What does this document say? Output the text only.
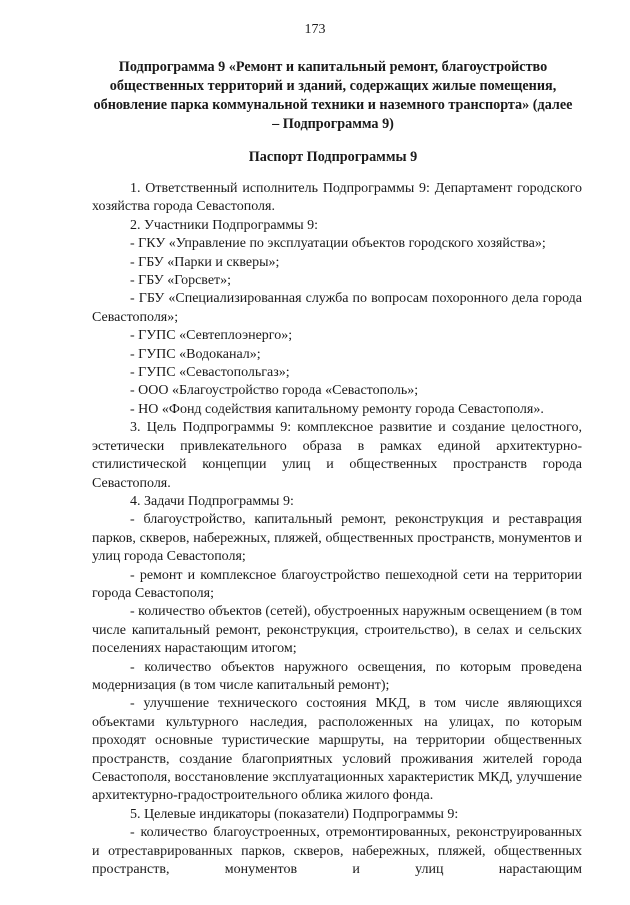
173
Подпрограмма 9 «Ремонт и капитальный ремонт, благоустройство общественных территорий и зданий, содержащих жилые помещения, обновление парка коммунальной техники и наземного транспорта» (далее – Подпрограмма 9)
Паспорт Подпрограммы 9

1. Ответственный исполнитель Подпрограммы 9: Департамент городского хозяйства города Севастополя.

2. Участники Подпрограммы 9:

- ГКУ «Управление по эксплуатации объектов городского хозяйства»;

- ГБУ «Парки и скверы»;

- ГБУ «Горсвет»;

- ГБУ «Специализированная служба по вопросам похоронного дела города Севастополя»;

- ГУПС «Севтеплоэнерго»;

- ГУПС «Водоканал»;

- ГУПС «Севастопольгаз»;

- ООО «Благоустройство города «Севастополь»;

- НО «Фонд содействия капитальному ремонту города Севастополя».

3. Цель Подпрограммы 9: комплексное развитие и создание целостного, эстетически привлекательного образа в рамках единой архитектурно-стилистической концепции улиц и общественных пространств города Севастополя.

4. Задачи Подпрограммы 9:

- благоустройство, капитальный ремонт, реконструкция и реставрация парков, скверов, набережных, пляжей, общественных пространств, монументов и улиц города Севастополя;

- ремонт и комплексное благоустройство пешеходной сети на территории города Севастополя;

- количество объектов (сетей), обустроенных наружным освещением (в том числе капитальный ремонт, реконструкция, строительство), в селах и сельских поселениях нарастающим итогом;

- количество объектов наружного освещения, по которым проведена модернизация (в том числе капитальный ремонт);

- улучшение технического состояния МКД, в том числе являющихся объектами культурного наследия, расположенных на улицах, по которым проходят основные туристические маршруты, на территории общественных пространств, создание благоприятных условий проживания жителей города Севастополя, восстановление эксплуатационных характеристик МКД, улучшение архитектурно-градостроительного облика жилого фонда.

5. Целевые индикаторы (показатели) Подпрограммы 9:

- количество благоустроенных, отремонтированных, реконструированных и отреставрированных парков, скверов, набережных, пляжей, общественных пространств, монументов и улиц нарастающим
